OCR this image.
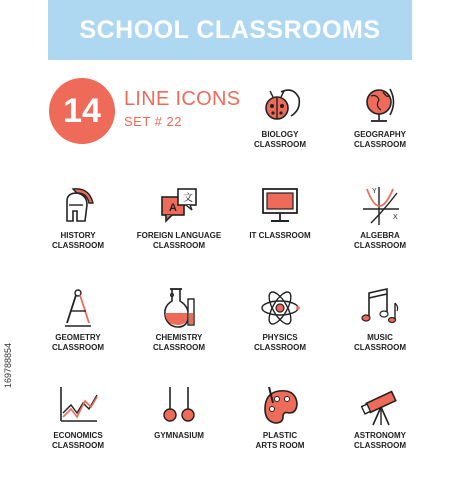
SCHOOL CLASSROOMS
14 LINE ICONS
SET # 22
BIOLOGY
CLASSROOM
GEOGRAPHY
CLASSROOM
HISTORY
CLASSROOM
A
文
FOREIGN LANGUAGE
CLASSROOM
IT CLASSROOM
Y
X
ALGEBRA
CLASSROOM
GEOMETRY
CLASSROOM
CHEMISTRY
CLASSROOM
PHYSICS
CLASSROOM
MUSIC
CLASSROOM
ECONOMICS
CLASSROOM
GYMNASIUM	PLASTIC
ARTS ROOM
ASTRONOMY
CLASSROOM
169788854
